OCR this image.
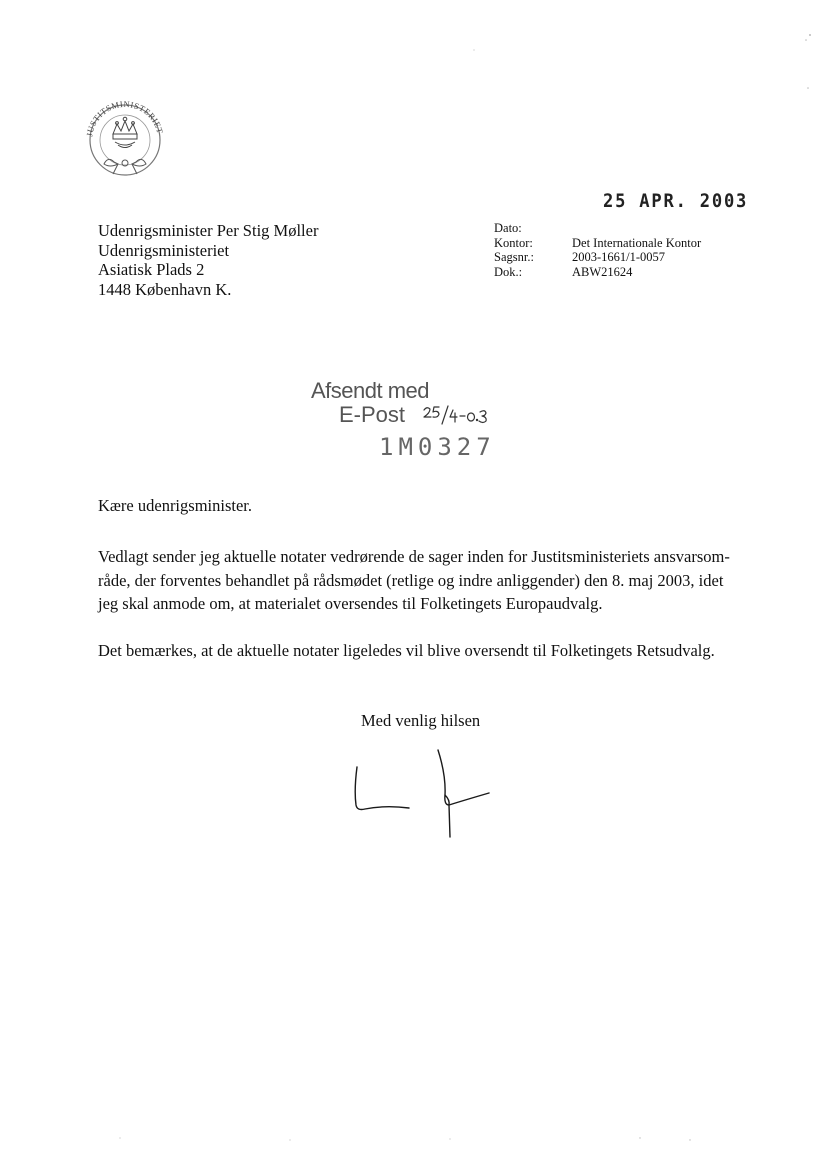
JUSTITSMINISTERIET
25 APR. 2003
Udenrigsminister Per Stig Møller
Udenrigsministeriet
Asiatisk Plads 2
1448 København K.
Dato:
Kontor:	Det Internationale Kontor
Sagsnr.:	2003-1661/1-0057
Dok.:	ABW21624
Afsendt med
E-Post
1M0327
Kære udenrigsminister.
Vedlagt sender jeg aktuelle notater vedrørende de sager inden for Justitsministeriets ansvarsom-
råde, der forventes behandlet på rådsmødet (retlige og indre anliggender) den 8. maj 2003, idet
jeg skal anmode om, at materialet oversendes til Folketingets Europaudvalg.
Det bemærkes, at de aktuelle notater ligeledes vil blive oversendt til Folketingets Retsudvalg.
Med venlig hilsen
